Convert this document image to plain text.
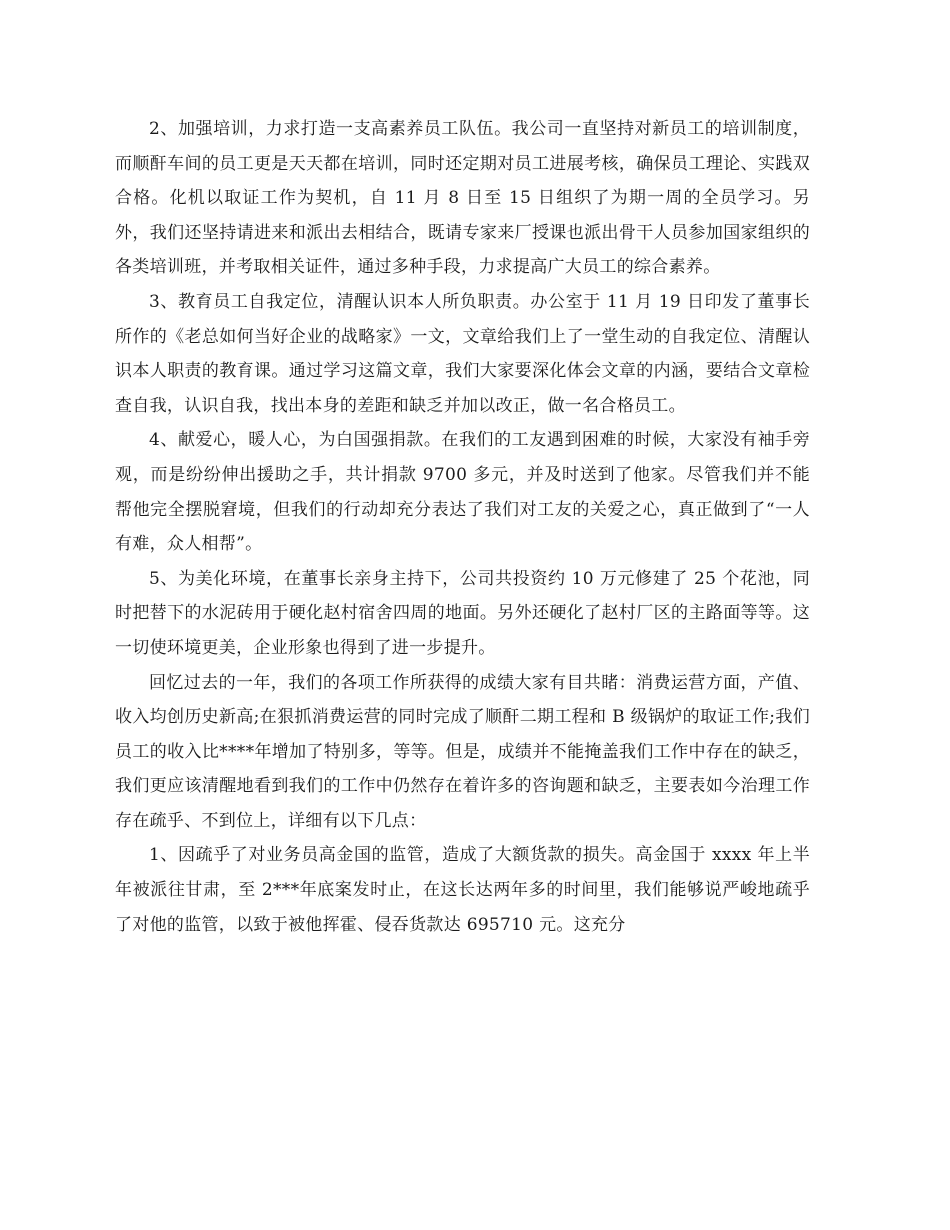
2、加强培训，力求打造一支高素养员工队伍。我公司一直坚持对新员工的培训制度，而顺酐车间的员工更是天天都在培训，同时还定期对员工进展考核，确保员工理论、实践双合格。化机以取证工作为契机，自 11 月 8 日至 15 日组织了为期一周的全员学习。另外，我们还坚持请进来和派出去相结合，既请专家来厂授课也派出骨干人员参加国家组织的各类培训班，并考取相关证件，通过多种手段，力求提高广大员工的综合素养。

3、教育员工自我定位，清醒认识本人所负职责。办公室于 11 月 19 日印发了董事长所作的《老总如何当好企业的战略家》一文，文章给我们上了一堂生动的自我定位、清醒认识本人职责的教育课。通过学习这篇文章，我们大家要深化体会文章的内涵，要结合文章检查自我，认识自我，找出本身的差距和缺乏并加以改正，做一名合格员工。

4、献爱心，暖人心，为白国强捐款。在我们的工友遇到困难的时候，大家没有袖手旁观，而是纷纷伸出援助之手，共计捐款 9700 多元，并及时送到了他家。尽管我们并不能帮他完全摆脱窘境，但我们的行动却充分表达了我们对工友的关爱之心，真正做到了“一人有难，众人相帮”。

5、为美化环境，在董事长亲身主持下，公司共投资约 10 万元修建了 25 个花池，同时把替下的水泥砖用于硬化赵村宿舍四周的地面。另外还硬化了赵村厂区的主路面等等。这一切使环境更美，企业形象也得到了进一步提升。

回忆过去的一年，我们的各项工作所获得的成绩大家有目共睹：消费运营方面，产值、收入均创历史新高;在狠抓消费运营的同时完成了顺酐二期工程和 B 级锅炉的取证工作;我们员工的收入比****年增加了特别多，等等。但是，成绩并不能掩盖我们工作中存在的缺乏，我们更应该清醒地看到我们的工作中仍然存在着许多的咨询题和缺乏，主要表如今治理工作存在疏乎、不到位上，详细有以下几点：

1、因疏乎了对业务员高金国的监管，造成了大额货款的损失。高金国于 xxxx 年上半年被派往甘肃，至 2***年底案发时止，在这长达两年多的时间里，我们能够说严峻地疏乎了对他的监管，以致于被他挥霍、侵吞货款达 695710 元。这充分
